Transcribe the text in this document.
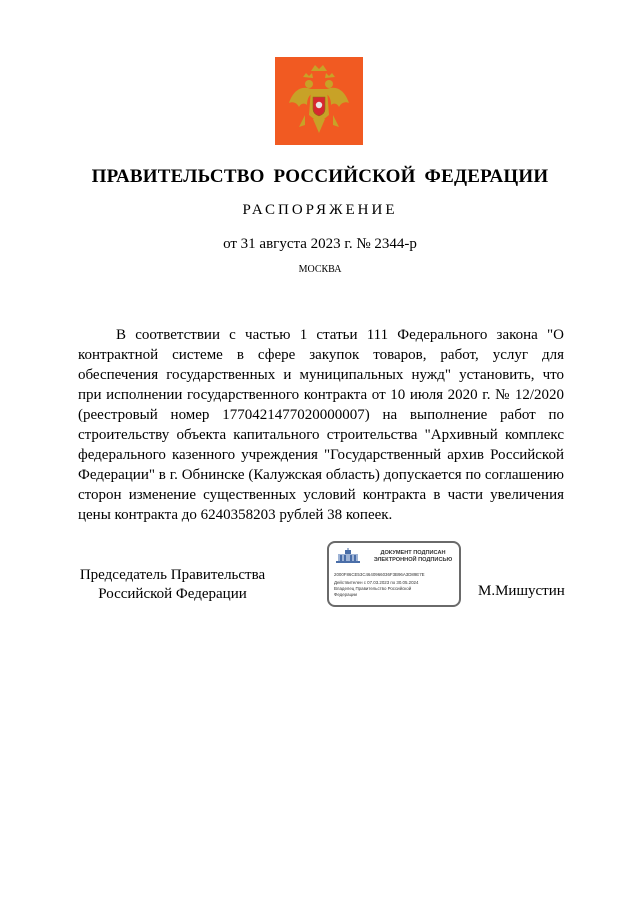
ПРАВИТЕЛЬСТВО РОССИЙСКОЙ ФЕДЕРАЦИИ
РАСПОРЯЖЕНИЕ
от 31 августа 2023 г. № 2344-р
МОСКВА

В соответствии с частью 1 статьи 111 Федерального закона "О контрактной системе в сфере закупок товаров, работ, услуг для обеспечения государственных и муниципальных нужд" установить, что при исполнении государственного контракта от 10 июля 2020 г. № 12/2020 (реестровый номер 1770421477020000007) на выполнение работ по строительству объекта капитального строительства "Архивный комплекс федерального казенного учреждения "Государственный архив Российской Федерации" в г. Обнинске (Калужская область) допускается по соглашению сторон изменение существенных условий контракта в части увеличения цены контракта до 6240358203 рублей 38 копеек.

Председатель Правительства
Российской Федерации
ДОКУМЕНТ ПОДПИСАН
ЭЛЕКТРОННОЙ ПОДПИСЬЮ
2000F86CE53C4640966036F3B96A3D89E7E
Действителен с 07.03.2023 по 30.05.2024
Владелец Правительство Российской
Федерации	М.Мишустин
